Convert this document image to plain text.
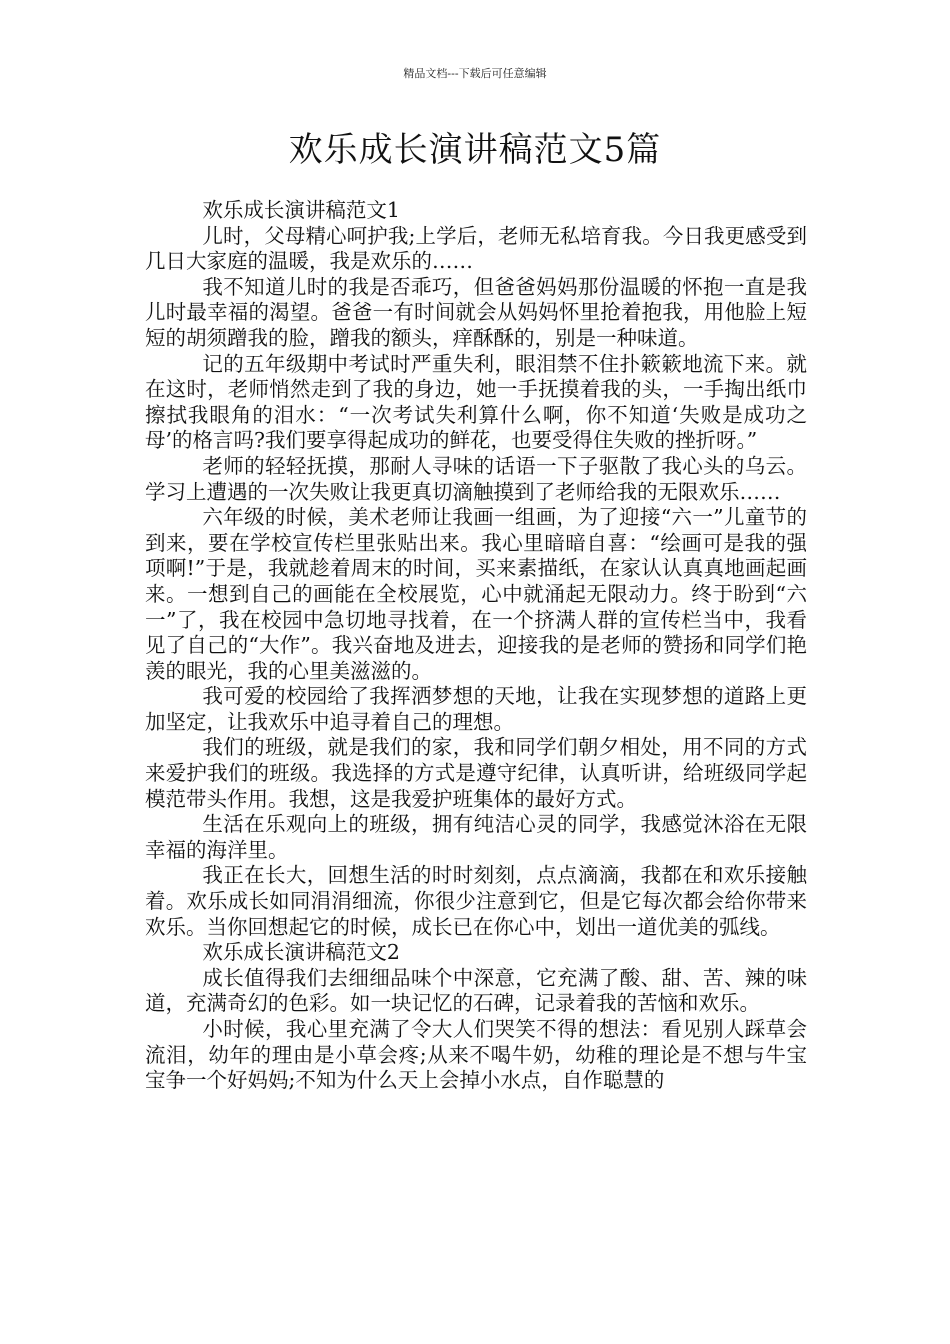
精品文档---下载后可任意编辑
欢乐成长演讲稿范文5篇

欢乐成长演讲稿范文1

儿时，父母精心呵护我;上学后，老师无私培育我。今日我更感受到几日大家庭的温暖，我是欢乐的……

我不知道儿时的我是否乖巧，但爸爸妈妈那份温暖的怀抱一直是我儿时最幸福的渴望。爸爸一有时间就会从妈妈怀里抢着抱我，用他脸上短短的胡须蹭我的脸，蹭我的额头，痒酥酥的，别是一种味道。

记的五年级期中考试时严重失利，眼泪禁不住扑簌簌地流下来。就在这时，老师悄然走到了我的身边，她一手抚摸着我的头，一手掏出纸巾擦拭我眼角的泪水：“一次考试失利算什么啊，你不知道‘失败是成功之母’的格言吗?我们要享得起成功的鲜花，也要受得住失败的挫折呀。”

老师的轻轻抚摸，那耐人寻味的话语一下子驱散了我心头的乌云。学习上遭遇的一次失败让我更真切滴触摸到了老师给我的无限欢乐……

六年级的时候，美术老师让我画一组画，为了迎接“六一”儿童节的到来，要在学校宣传栏里张贴出来。我心里暗暗自喜：“绘画可是我的强项啊!”于是，我就趁着周末的时间，买来素描纸，在家认认真真地画起画来。一想到自己的画能在全校展览，心中就涌起无限动力。终于盼到“六一”了，我在校园中急切地寻找着，在一个挤满人群的宣传栏当中，我看见了自己的“大作”。我兴奋地及进去，迎接我的是老师的赞扬和同学们艳羡的眼光，我的心里美滋滋的。

我可爱的校园给了我挥洒梦想的天地，让我在实现梦想的道路上更加坚定，让我欢乐中追寻着自己的理想。

我们的班级，就是我们的家，我和同学们朝夕相处，用不同的方式来爱护我们的班级。我选择的方式是遵守纪律，认真听讲，给班级同学起模范带头作用。我想，这是我爱护班集体的最好方式。

生活在乐观向上的班级，拥有纯洁心灵的同学，我感觉沐浴在无限幸福的海洋里。

我正在长大，回想生活的时时刻刻，点点滴滴，我都在和欢乐接触着。欢乐成长如同涓涓细流，你很少注意到它，但是它每次都会给你带来欢乐。当你回想起它的时候，成长已在你心中，划出一道优美的弧线。

欢乐成长演讲稿范文2

成长值得我们去细细品味个中深意，它充满了酸、甜、苦、辣的味道，充满奇幻的色彩。如一块记忆的石碑，记录着我的苦恼和欢乐。

小时候，我心里充满了令大人们哭笑不得的想法：看见别人踩草会流泪，幼年的理由是小草会疼;从来不喝牛奶，幼稚的理论是不想与牛宝宝争一个好妈妈;不知为什么天上会掉小水点，自作聪慧的
